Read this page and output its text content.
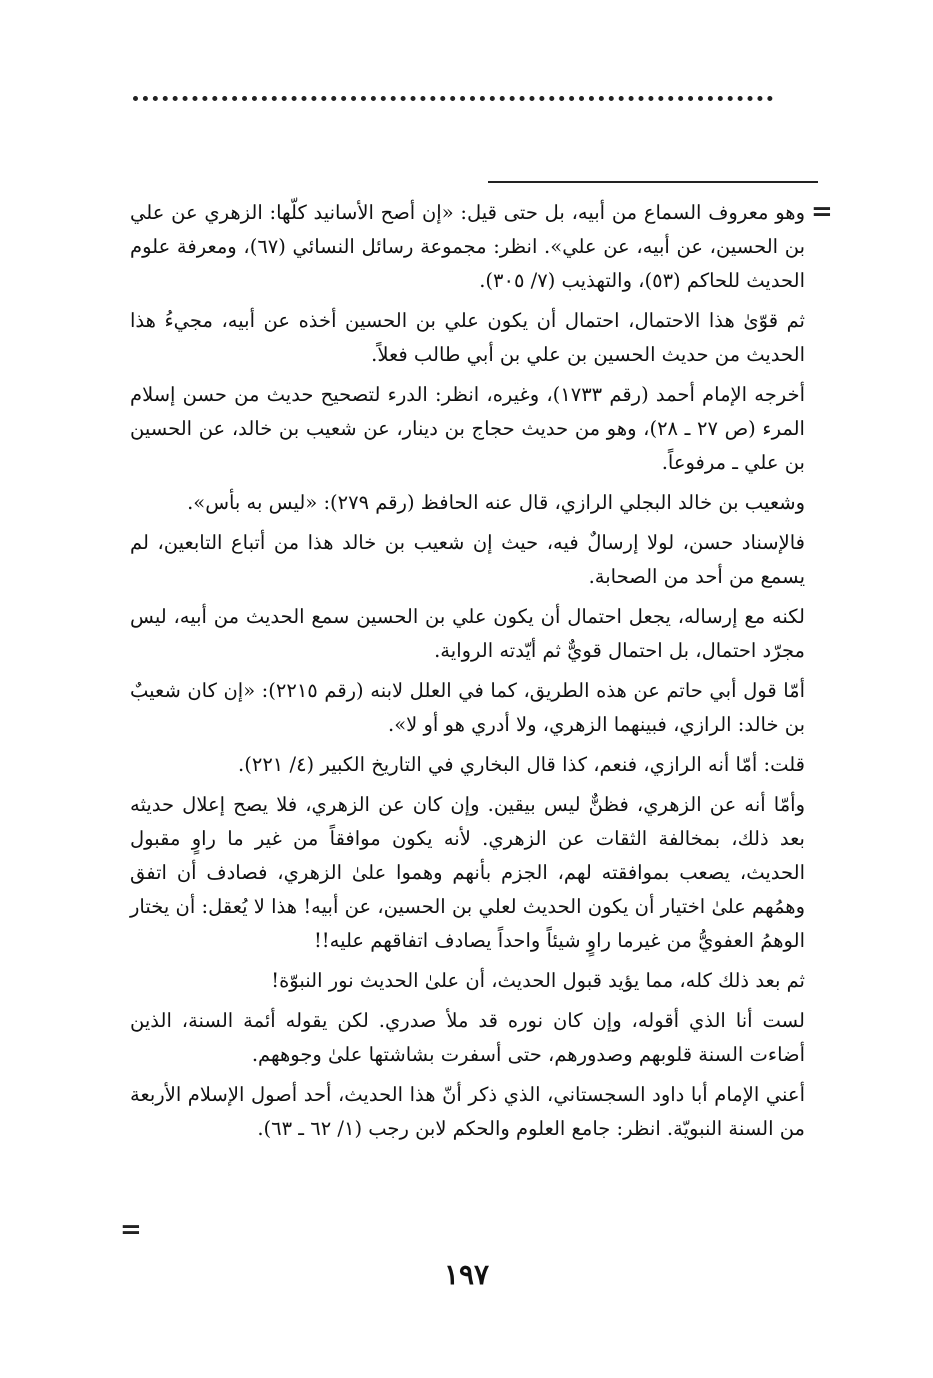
=

وهو معروف السماع من أبيه، بل حتى قيل: «إن أصح الأسانيد كلّها: الزهري عن علي بن الحسين، عن أبيه، عن علي». انظر: مجموعة رسائل النسائي (٦٧)، ومعرفة علوم الحديث للحاكم (٥٣)، والتهذيب (٧/ ٣٠٥).

ثم قوّىٰ هذا الاحتمال، احتمال أن يكون علي بن الحسين أخذه عن أبيه، مجيءُ هذا الحديث من حديث الحسين بن علي بن أبي طالب فعلاً.

أخرجه الإمام أحمد (رقم ١٧٣٣)، وغيره، انظر: الدرء لتصحيح حديث من حسن إسلام المرء (ص ٢٧ ـ ٢٨)، وهو من حديث حجاج بن دينار، عن شعيب بن خالد، عن الحسين بن علي ـ مرفوعاً.

وشعيب بن خالد البجلي الرازي، قال عنه الحافظ (رقم ٢٧٩): «ليس به بأس».

فالإسناد حسن، لولا إرسالٌ فيه، حيث إن شعيب بن خالد هذا من أتباع التابعين، لم يسمع من أحد من الصحابة.

لكنه مع إرساله، يجعل احتمال أن يكون علي بن الحسين سمع الحديث من أبيه، ليس مجرّد احتمال، بل احتمال قويٌّ ثم أيّدته الرواية.

أمّا قول أبي حاتم عن هذه الطريق، كما في العلل لابنه (رقم ٢٢١٥): «إن كان شعيبٌ بن خالد: الرازي، فبينهما الزهري، ولا أدري هو أو لا».

قلت: أمّا أنه الرازي، فنعم، كذا قال البخاري في التاريخ الكبير (٤/ ٢٢١).

وأمّا أنه عن الزهري، فظنٌّ ليس بيقين. وإن كان عن الزهري، فلا يصح إعلال حديثه بعد ذلك، بمخالفة الثقات عن الزهري. لأنه يكون موافقاً من غير ما راوٍ مقبول الحديث، يصعب بموافقته لهم، الجزم بأنهم وهموا علىٰ الزهري، فصادف أن اتفق وهمُهم علىٰ اختيار أن يكون الحديث لعلي بن الحسين، عن أبيه! هذا لا يُعقل: أن يختار الوهمُ العفويُّ من غيرما راوٍ شيئاً واحداً يصادف اتفاقهم عليه!!

ثم بعد ذلك كله، مما يؤيد قبول الحديث، أن علىٰ الحديث نور النبوّة!

لست أنا الذي أقوله، وإن كان نوره قد ملأ صدري. لكن يقوله أئمة السنة، الذين أضاءت السنة قلوبهم وصدورهم، حتى أسفرت بشاشتها علىٰ وجوههم.

أعني الإمام أبا داود السجستاني، الذي ذكر أنّ هذا الحديث، أحد أصول الإسلام الأربعة من السنة النبويّة. انظر: جامع العلوم والحكم لابن رجب (١/ ٦٢ ـ ٦٣).

=
١٩٧
